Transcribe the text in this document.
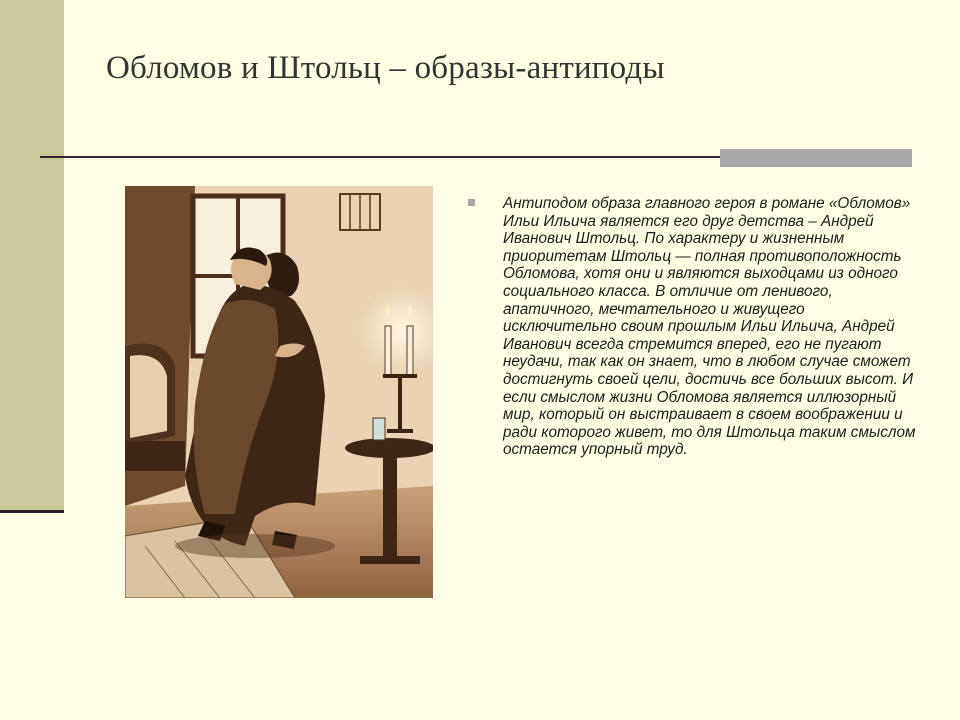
Обломов и Штольц – образы-антиподы

Антиподом образа главного героя в романе «Обломов» Ильи Ильича является его друг детства – Андрей Иванович Штольц. По характеру и жизненным приоритетам Штольц — полная противоположность Обломова, хотя они и являются выходцами из одного социального класса. В отличие от ленивого, апатичного, мечтательного и живущего исключительно своим прошлым Ильи Ильича, Андрей Иванович всегда стремится вперед, его не пугают неудачи, так как он знает, что в любом случае сможет достигнуть своей цели, достичь все больших высот. И если смыслом жизни Обломова является иллюзорный мир, который он выстраивает в своем воображении и ради которого живет, то для Штольца таким смыслом остается упорный труд.
